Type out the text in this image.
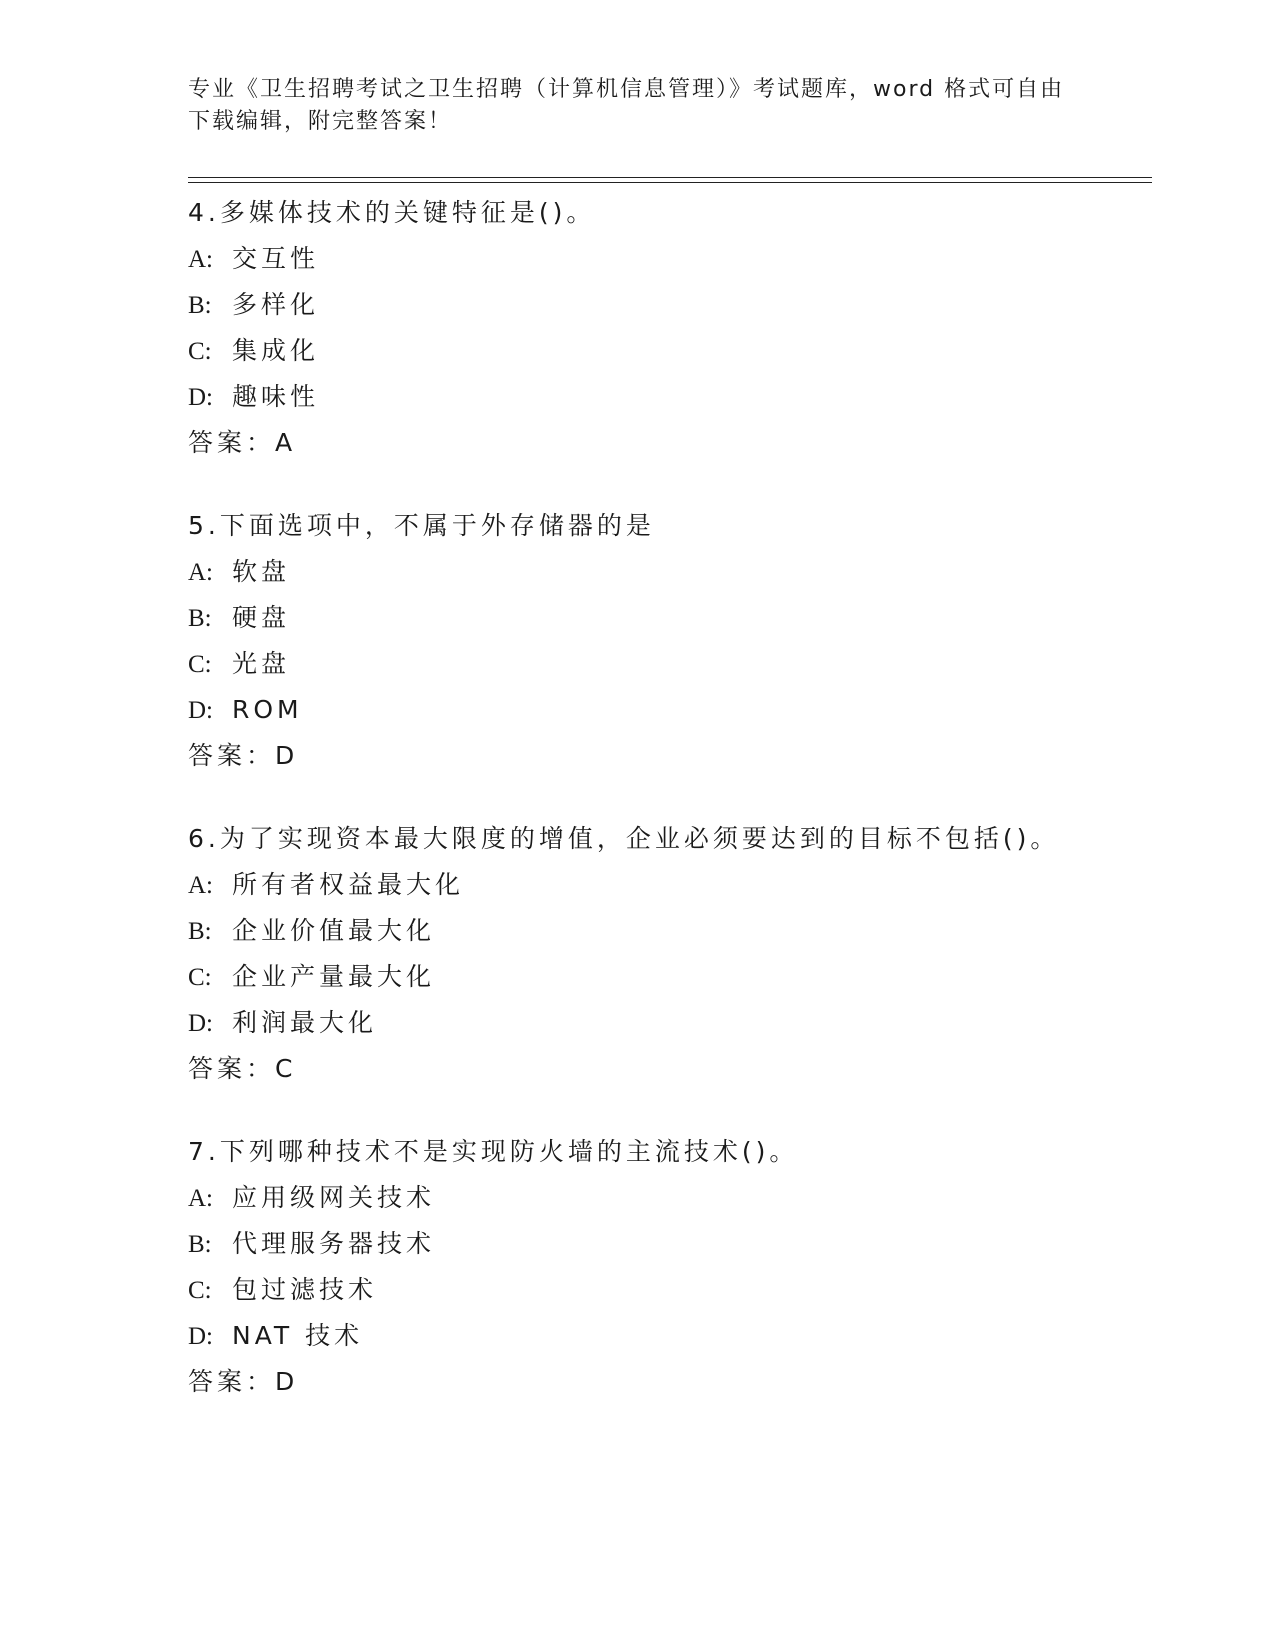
专业《卫生招聘考试之卫生招聘（计算机信息管理）》考试题库，word 格式可自由下载编辑，附完整答案！

4.多媒体技术的关键特征是()。
A: 交互性
B: 多样化
C: 集成化
D: 趣味性
答案：A
5.下面选项中，不属于外存储器的是
A: 软盘
B: 硬盘
C: 光盘
D: ROM
答案：D
6.为了实现资本最大限度的增值，企业必须要达到的目标不包括()。
A: 所有者权益最大化
B: 企业价值最大化
C: 企业产量最大化
D: 利润最大化
答案：C
7.下列哪种技术不是实现防火墙的主流技术()。
A: 应用级网关技术
B: 代理服务器技术
C: 包过滤技术
D: NAT 技术
答案：D
